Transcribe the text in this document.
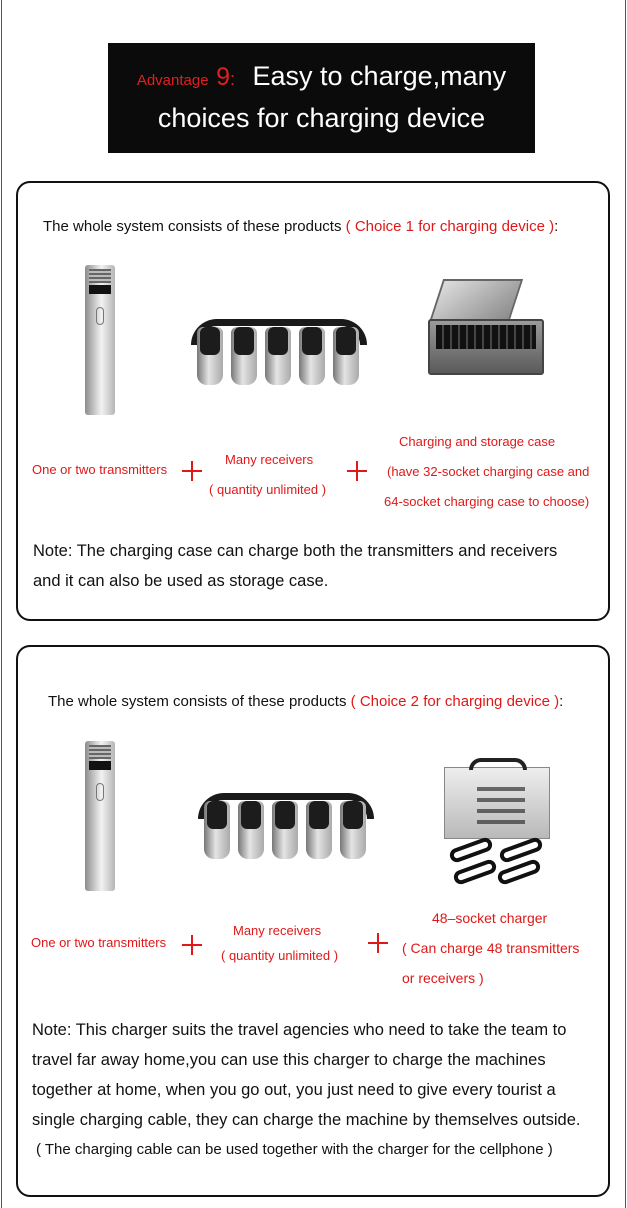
Advantage 9: Easy to charge,many
choices for charging device
The whole system consists of these products ( Choice 1 for charging device ):
One or two transmitters
Many receivers
( quantity unlimited )
Charging and storage case
(have 32-socket charging case and
64-socket charging case to choose)
Note: The charging case can charge both the transmitters and receivers
and it can also be used as storage case.
The whole system consists of these products ( Choice 2 for charging device ):
One or two transmitters
Many receivers
( quantity unlimited )
48–socket charger
( Can charge 48 transmitters
or receivers )
Note: This charger suits the travel agencies who need to take the team to
travel far away home,you can use this charger to charge the machines
together at home, when you go out, you just need to give every tourist a
single charging cable, they can charge the machine by themselves outside.
( The charging cable can be used together with the charger for the cellphone )
